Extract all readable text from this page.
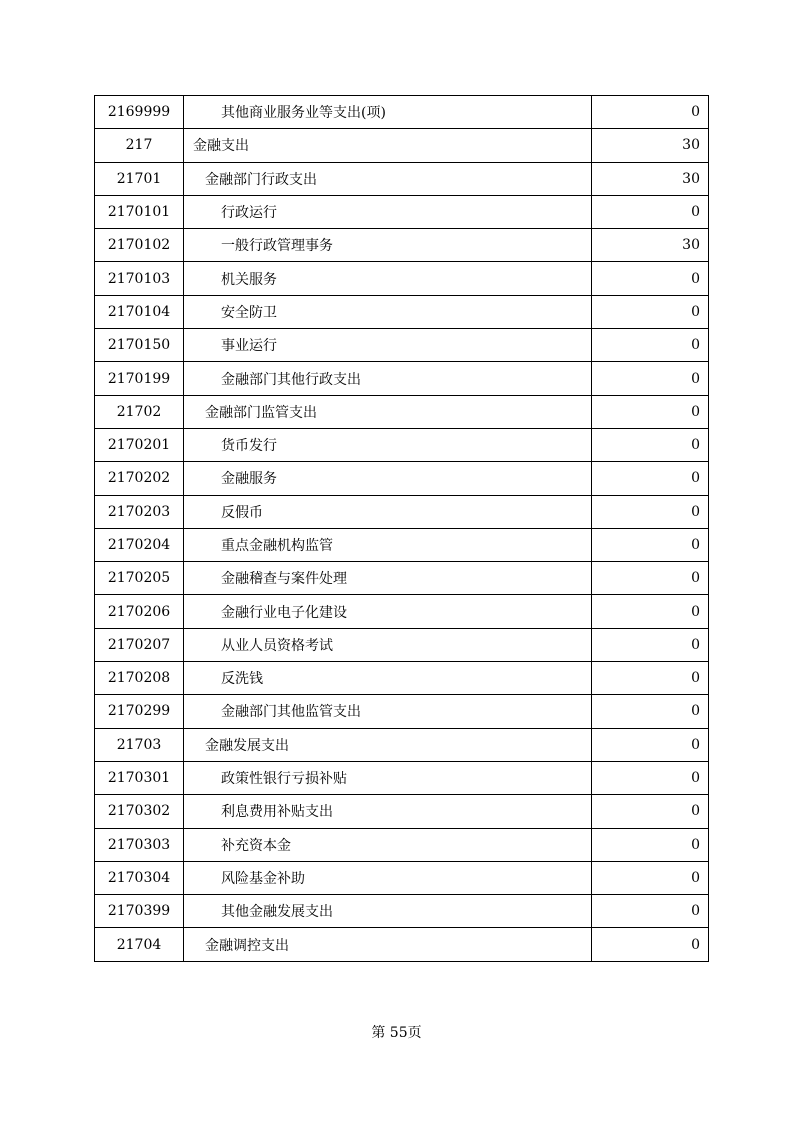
2169999	其他商业服务业等支出(项)	0
217	金融支出	30
21701	金融部门行政支出	30
2170101	行政运行	0
2170102	一般行政管理事务	30
2170103	机关服务	0
2170104	安全防卫	0
2170150	事业运行	0
2170199	金融部门其他行政支出	0
21702	金融部门监管支出	0
2170201	货币发行	0
2170202	金融服务	0
2170203	反假币	0
2170204	重点金融机构监管	0
2170205	金融稽查与案件处理	0
2170206	金融行业电子化建设	0
2170207	从业人员资格考试	0
2170208	反洗钱	0
2170299	金融部门其他监管支出	0
21703	金融发展支出	0
2170301	政策性银行亏损补贴	0
2170302	利息费用补贴支出	0
2170303	补充资本金	0
2170304	风险基金补助	0
2170399	其他金融发展支出	0
21704	金融调控支出	0
第 55页
